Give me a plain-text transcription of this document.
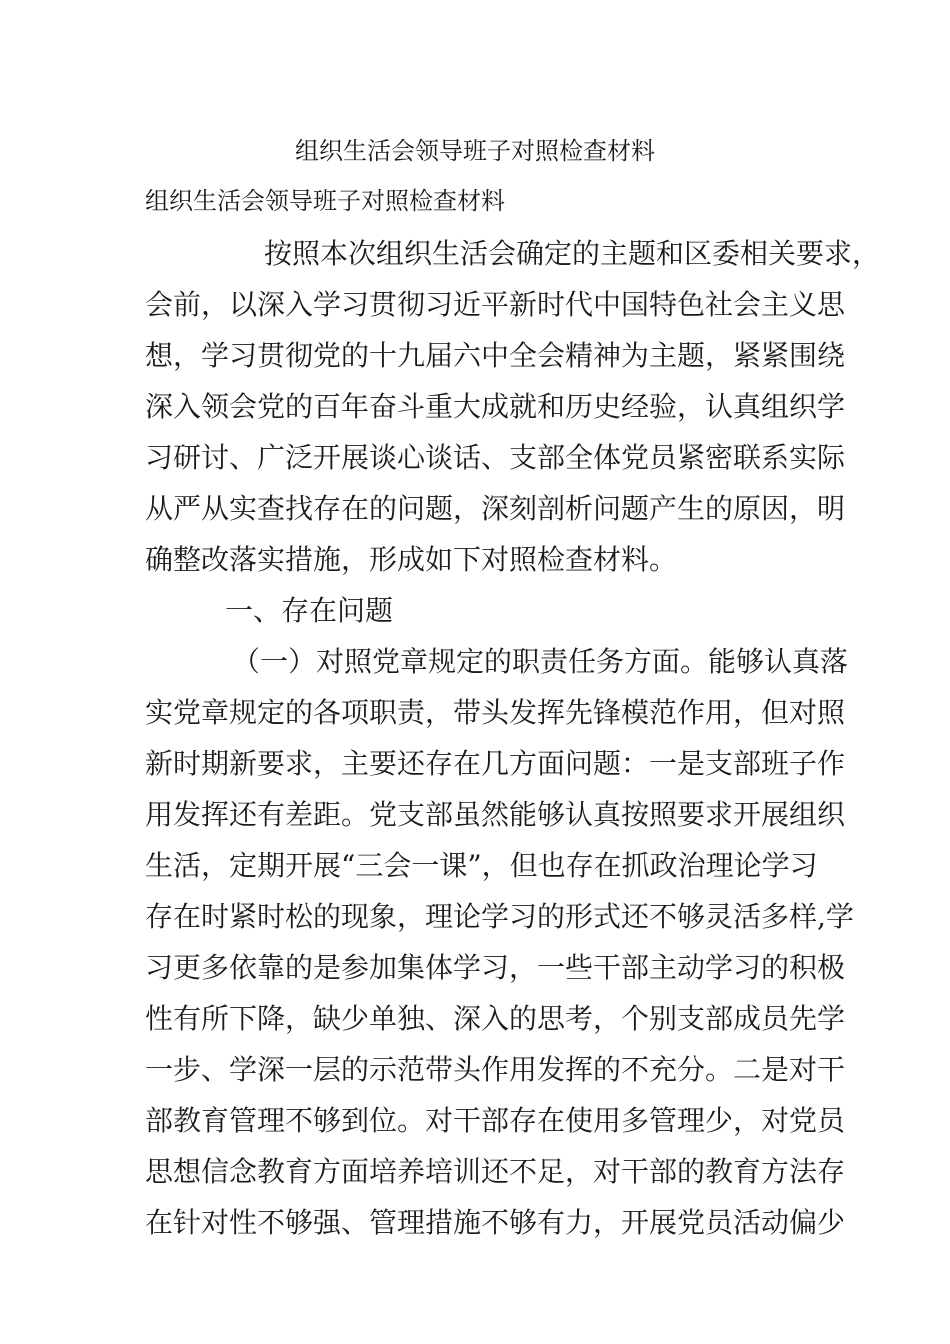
组织生活会领导班子对照检查材料
组织生活会领导班子对照检查材料
按照本次组织生活会确定的主题和区委相关要求，
会前，以深入学习贯彻习近平新时代中国特色社会主义思
想，学习贯彻党的十九届六中全会精神为主题，紧紧围绕
深入领会党的百年奋斗重大成就和历史经验，认真组织学
习研讨、广泛开展谈心谈话、支部全体党员紧密联系实际
从严从实查找存在的问题，深刻剖析问题产生的原因，明
确整改落实措施，形成如下对照检查材料。
一、存在问题
（一）对照党章规定的职责任务方面。能够认真落
实党章规定的各项职责，带头发挥先锋模范作用，但对照
新时期新要求，主要还存在几方面问题：一是支部班子作
用发挥还有差距。党支部虽然能够认真按照要求开展组织
生活，定期开展“三会一课”，但也存在抓政治理论学习
存在时紧时松的现象，理论学习的形式还不够灵活多样,学
习更多依靠的是参加集体学习，一些干部主动学习的积极
性有所下降，缺少单独、深入的思考，个别支部成员先学
一步、学深一层的示范带头作用发挥的不充分。二是对干
部教育管理不够到位。对干部存在使用多管理少，对党员
思想信念教育方面培养培训还不足，对干部的教育方法存
在针对性不够强、管理措施不够有力，开展党员活动偏少
